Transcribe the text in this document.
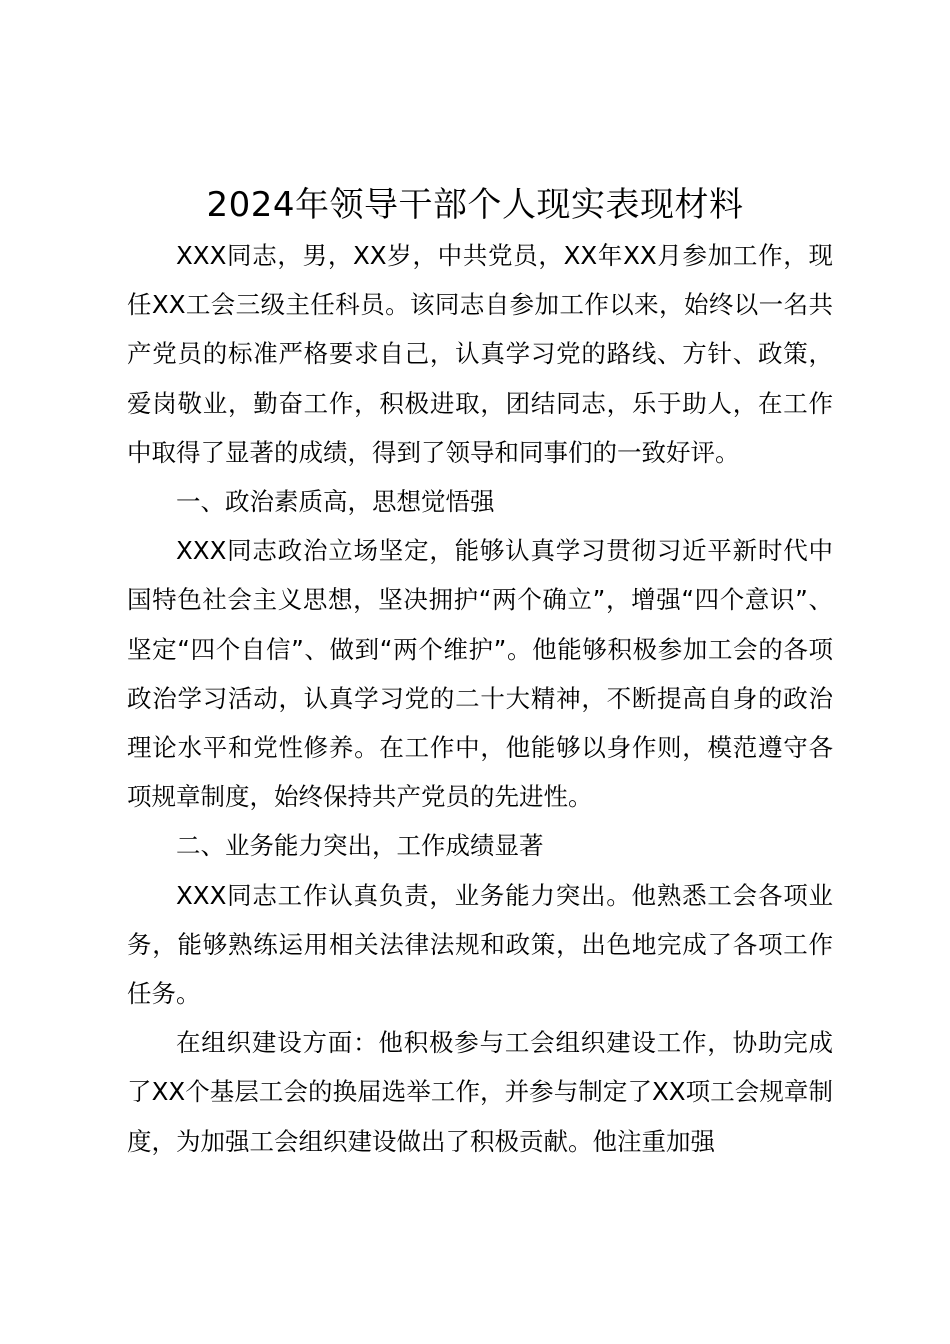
2024年领导干部个人现实表现材料

XXX同志，男，XX岁，中共党员，XX年XX月参加工作，现任XX工会三级主任科员。该同志自参加工作以来，始终以一名共产党员的标准严格要求自己，认真学习党的路线、方针、政策，爱岗敬业，勤奋工作，积极进取，团结同志，乐于助人，在工作中取得了显著的成绩，得到了领导和同事们的一致好评。

一、政治素质高，思想觉悟强

XXX同志政治立场坚定，能够认真学习贯彻习近平新时代中国特色社会主义思想，坚决拥护“两个确立”，增强“四个意识”、坚定“四个自信”、做到“两个维护”。他能够积极参加工会的各项政治学习活动，认真学习党的二十大精神，不断提高自身的政治理论水平和党性修养。在工作中，他能够以身作则，模范遵守各项规章制度，始终保持共产党员的先进性。

二、业务能力突出，工作成绩显著

XXX同志工作认真负责，业务能力突出。他熟悉工会各项业务，能够熟练运用相关法律法规和政策，出色地完成了各项工作任务。

在组织建设方面：他积极参与工会组织建设工作，协助完成了XX个基层工会的换届选举工作，并参与制定了XX项工会规章制度，为加强工会组织建设做出了积极贡献。他注重加强
